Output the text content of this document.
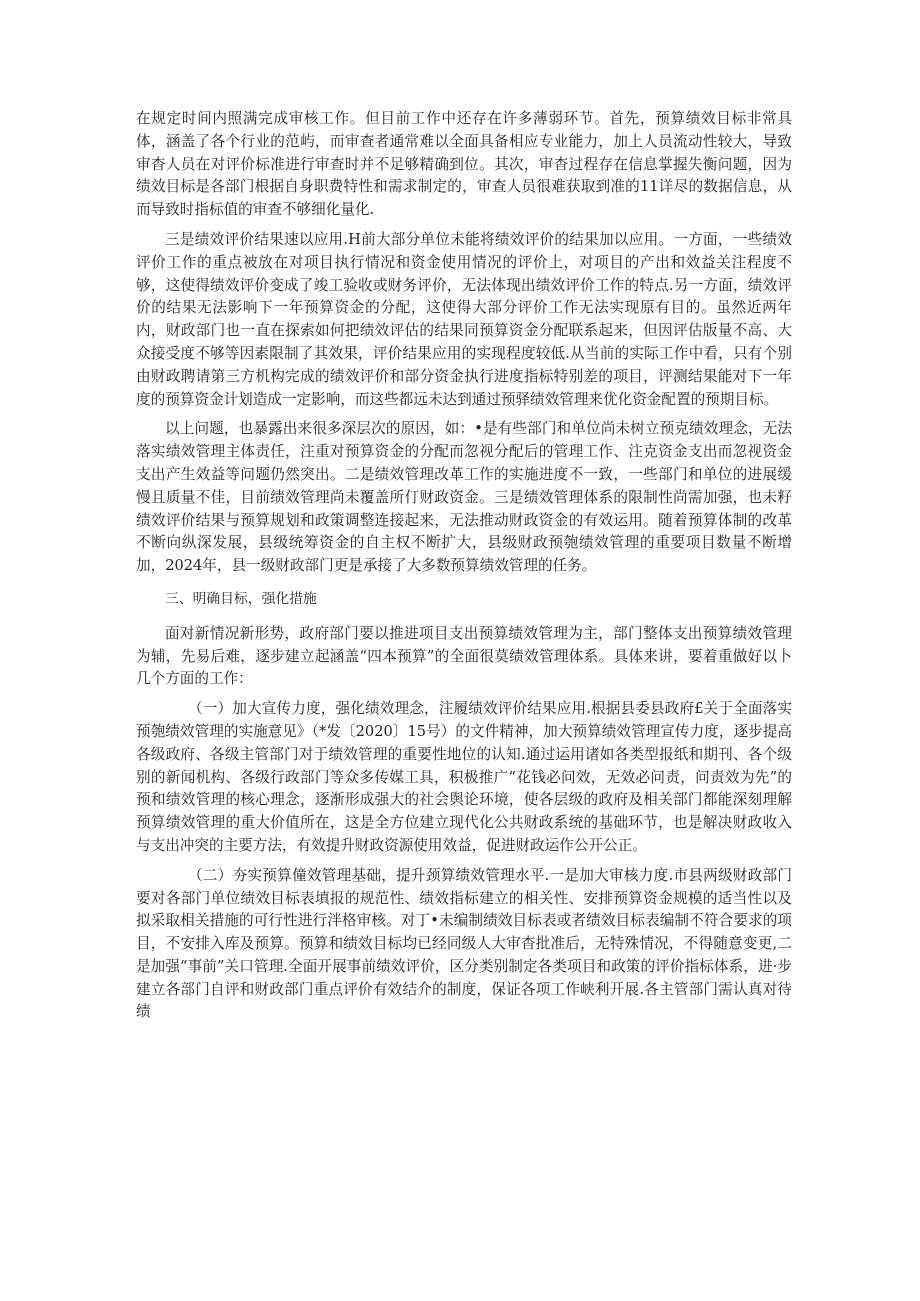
在规定时间内照满完成审核工作。但目前工作中还存在许多薄弱环节。首先，预算绩效目标非常具体，涵盖了各个行业的范屿，而审查者通常难以全面具备相应专业能力，加上人员流动性较大，导致审杳人员在对评价标准进行审查时并不足够精确到位。其次，审杳过程存在信息掌握失衡问题，因为绩效目标是各部门根据自身职费特性和需求制定的，审查人员很难获取到准的11详尽的数据信息，从而导致时指标值的审查不够细化量化.

三是绩效评价结果速以应用.H前大部分单位未能将绩效评价的结果加以应用。一方面，一些绩效评价工作的重点被放在对项目执行情况和资金使用情况的评价上，对项目的产出和效益关注程度不够，这使得绩效评价变成了竣工验收或财务评价，无法体现出绩效评价工作的特点.另一方面，绩效评价的结果无法影响下一年预算资金的分配，这使得大部分评价工作无法实现原有目的。虽然近两年内，财政部门也一直在探索如何把绩效评估的结果同预算资金分配联系起来，但因评估版量不高、大众接受度不够等因素限制了其效果，评价结果应用的实现程度较低.从当前的实际工作中看，只有个别由财政聘请第三方机构完成的绩效评价和部分资金执行进度指标特别差的项目，评测结果能对下一年度的预算资金计划造成一定影响，而这些都远未达到通过预驿绩效管理来优化资金配置的预期目标。

以上问题，也暴露出来很多深层次的原因，如：•是有些部门和单位尚未树立预克绩效理念，无法落实绩效管理主体责任，注重对预算资金的分配而忽视分配后的管理工作、注克资金支出而忽视资金支出产生效益等问题仍然突出。二是绩效管理改革工作的实施进度不一致，一些部门和单位的进展缓慢且质量不佳，目前绩效管理尚未覆盖所仃财政资金。三是绩效管理体系的限制性尚需加强，也未籽绩效评价结果与预算规划和政策调整连接起来，无法推动财政资金的有效运用。随着预算体制的改革不断向纵深发展，县级统筹资金的自主权不断扩大，县级财政预匏绩效管理的重要项目数量不断增加，2024年，县一级财政部门更是承接了大多数预算绩效管理的任务。

三、明确目标，强化措施

面对新情况新形势，政府部门要以推进项目支出预算绩效管理为主，部门整体支出预算绩效管理为辅，先易后难，逐步建立起涵盖“四本预算”的全面很莫绩效管理体系。具体来讲，要着重做好以卜几个方面的工作：

（一）加大宣传力度，强化绩效理念，注履绩效评价结果应用.根据县委县政府£关于全面落实预匏绩效管理的实施意见》（*发〔2020〕15号）的文件精神，加大预算绩效管理宣传力度，逐步提高各级政府、各级主管部门对于绩效管理的重要性地位的认知.通过运用诸如各类型报纸和期刊、各个级别的新闻机构、各级行政部门等众多传媒工具，积极推广“花钱必问效，无效必问责，问责效为先”的预和绩效管理的核心理念，逐渐形成强大的社会舆论环境，使各层级的政府及相关部门都能深刻理解预算绩效管理的重大价值所在，这是全方位建立现代化公共财政系统的基础环节，也是解决财政收入与支出冲突的主要方法，有效提升财政资源使用效益，促进财政运作公开公正。

（二）夯实预算僮效管理基础，提升颈算绩效管理水平.一是加大审核力度.市县两级财政部门要对各部门单位绩效目标表填报的规范性、绩效指标建立的相关性、安排预算资金规模的适当性以及拟采取相关措施的可行性进行泮格审核。对丁•未编制绩效目标表或者绩效目标表编制不符合要求的项目，不安排入库及预算。预算和绩效目标均已经同级人大审杳批准后，无特殊情况，不得随意变更,二是加强“事前”关口管理.全面开展事前绩效评价，区分类别制定各类项目和政策的评价指标体系，进·步建立各部门自评和财政部门重点评价有效结介的制度，保证各项工作峡利开展.各主管部门需认真对待绩
